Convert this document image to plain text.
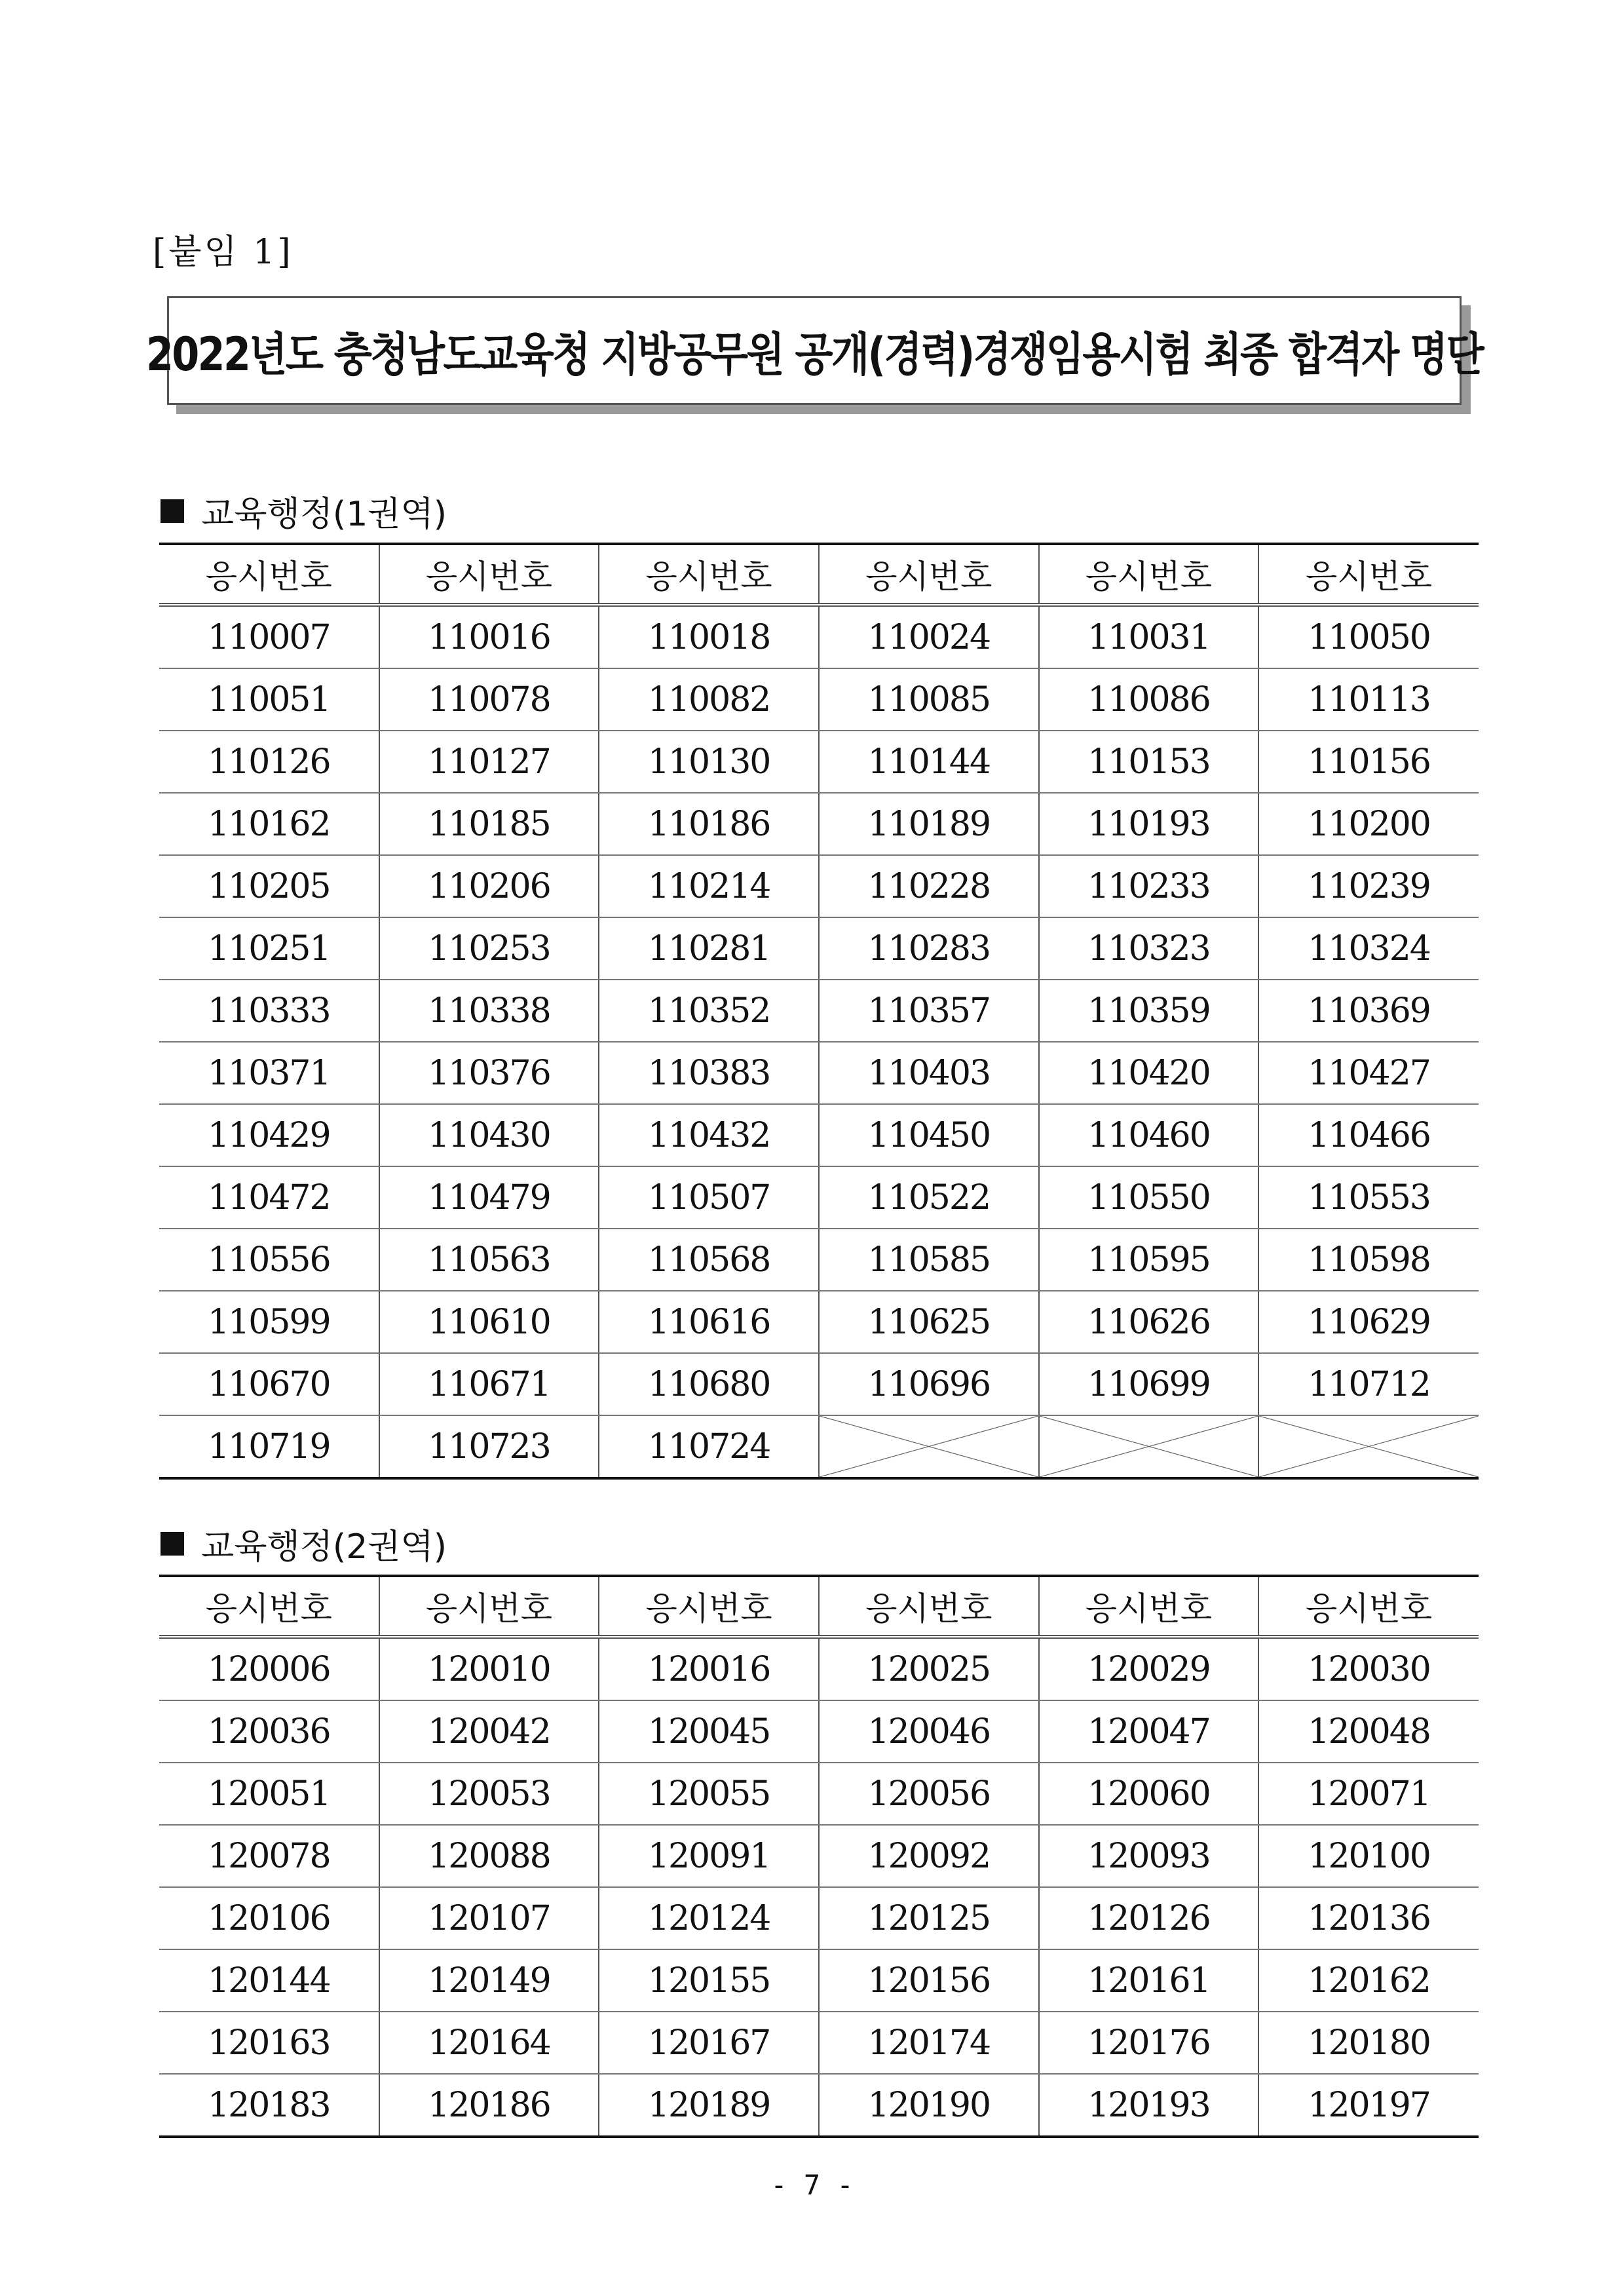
[붙임 1]
2022년도 충청남도교육청 지방공무원 공개(경력)경쟁임용시험 최종 합격자 명단
교육행정(1권역)
응시번호	응시번호	응시번호	응시번호	응시번호	응시번호
110007	110016	110018	110024	110031	110050
110051	110078	110082	110085	110086	110113
110126	110127	110130	110144	110153	110156
110162	110185	110186	110189	110193	110200
110205	110206	110214	110228	110233	110239
110251	110253	110281	110283	110323	110324
110333	110338	110352	110357	110359	110369
110371	110376	110383	110403	110420	110427
110429	110430	110432	110450	110460	110466
110472	110479	110507	110522	110550	110553
110556	110563	110568	110585	110595	110598
110599	110610	110616	110625	110626	110629
110670	110671	110680	110696	110699	110712
110719	110723	110724	

교육행정(2권역)
응시번호	응시번호	응시번호	응시번호	응시번호	응시번호
120006	120010	120016	120025	120029	120030
120036	120042	120045	120046	120047	120048
120051	120053	120055	120056	120060	120071
120078	120088	120091	120092	120093	120100
120106	120107	120124	120125	120126	120136
120144	120149	120155	120156	120161	120162
120163	120164	120167	120174	120176	120180
120183	120186	120189	120190	120193	120197
- 7 -
